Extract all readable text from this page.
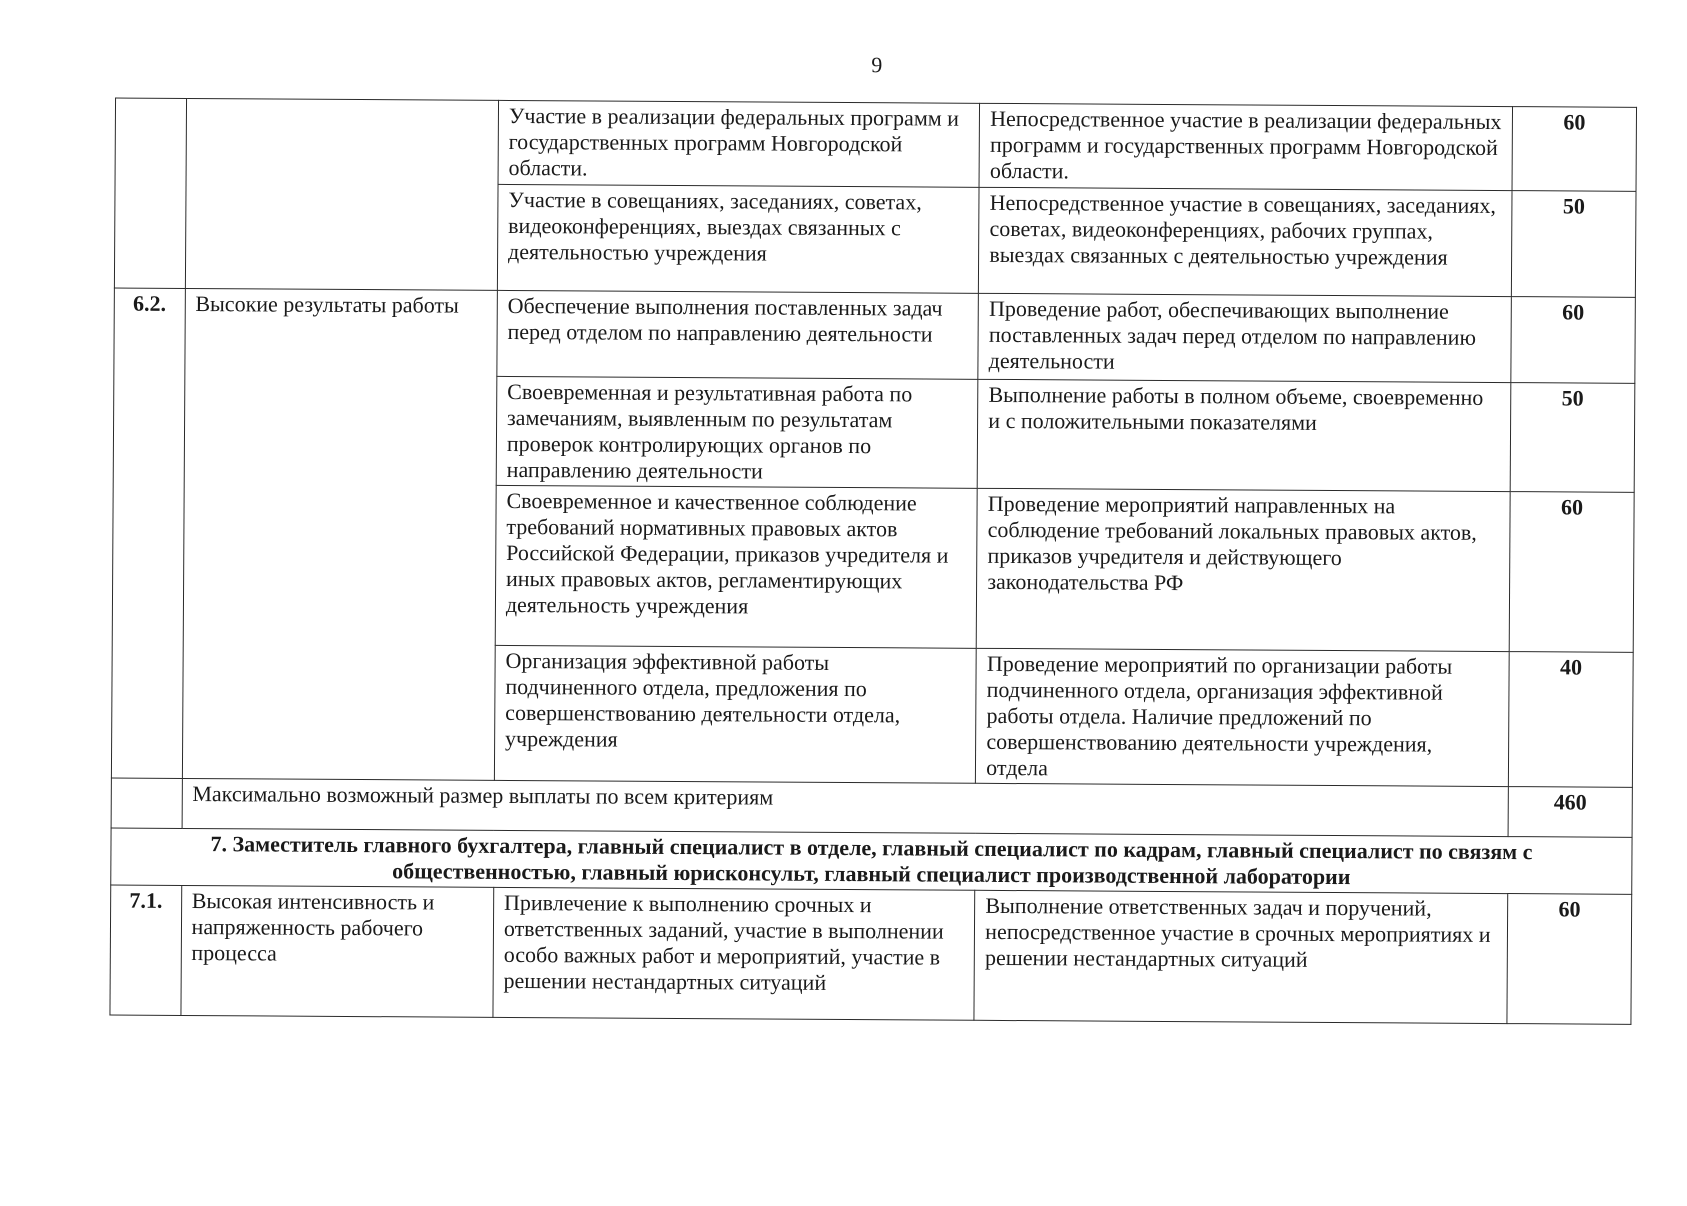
9
		Участие в реализации федеральных программ и государственных программ Новгородской области.	Непосредственное участие в реализации федеральных программ и государственных программ Новгородской области.	60
		Участие в совещаниях, заседаниях, советах, видеоконференциях, выездах связанных с деятельностью учреждения	Непосредственное участие в совещаниях, заседаниях, советах, видеоконференциях, рабочих группах, выездах связанных с деятельностью учреждения	50
6.2.	Высокие результаты работы	Обеспечение выполнения поставленных задач перед отделом по направлению деятельности	Проведение работ, обеспечивающих выполнение поставленных задач перед отделом по направлению деятельности	60
		Своевременная и результативная работа по замечаниям, выявленным по результатам проверок контролирующих органов по направлению деятельности	Выполнение работы в полном объеме, своевременно и с положительными показателями	50
		Своевременное и качественное соблюдение требований нормативных правовых актов Российской Федерации, приказов учредителя и иных правовых актов, регламентирующих деятельность учреждения	Проведение мероприятий направленных на соблюдение требований локальных правовых актов, приказов учредителя и действующего законодательства РФ	60
		Организация эффективной работы подчиненного отдела, предложения по совершенствованию деятельности отдела, учреждения	Проведение мероприятий по организации работы подчиненного отдела, организация эффективной работы отдела. Наличие предложений по совершенствованию деятельности учреждения, отдела	40
	Максимально возможный размер выплаты по всем критериям			460
7. Заместитель главного бухгалтера, главный специалист в отделе, главный специалист по кадрам, главный специалист по связям с общественностью, главный юрисконсульт, главный специалист производственной лаборатории				
7.1.	Высокая интенсивность и напряженность рабочего процесса	Привлечение к выполнению срочных и ответственных заданий, участие в выполнении особо важных работ и мероприятий, участие в решении нестандартных ситуаций	Выполнение ответственных задач и поручений, непосредственное участие в срочных мероприятиях и решении нестандартных ситуаций	60
